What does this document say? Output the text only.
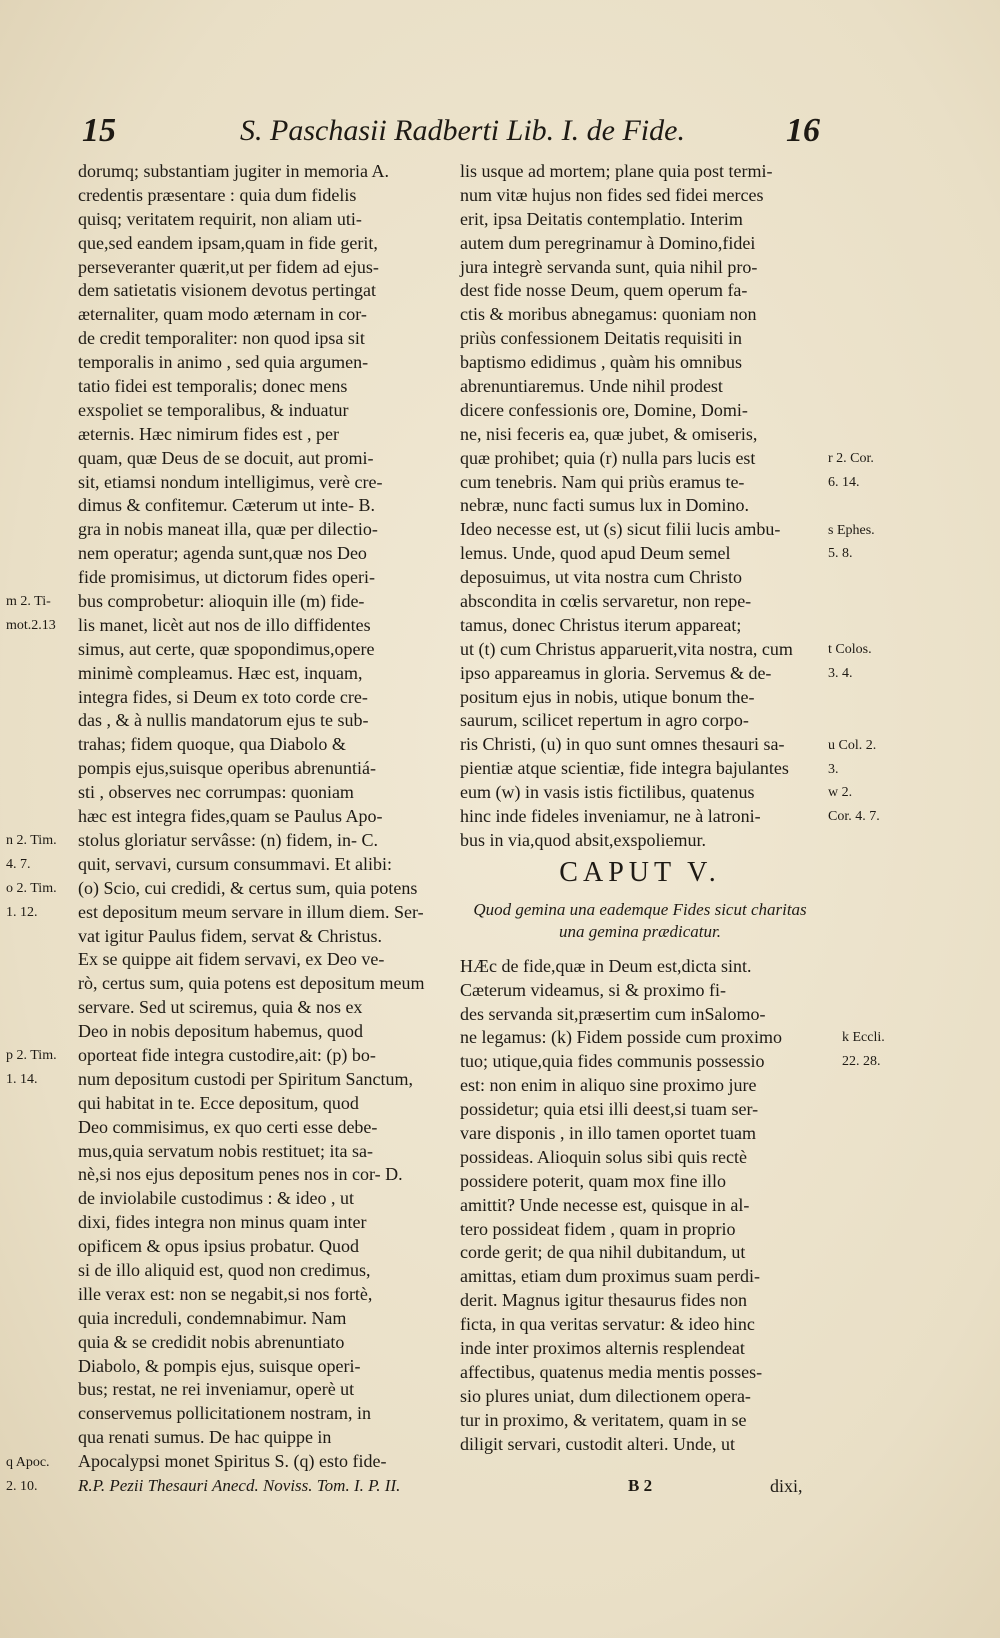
15	S. Paschasii Radberti Lib. I. de Fide.	16
dorumq; substantiam jugiter in memoria A.
credentis præsentare : quia dum fidelis
quisq; veritatem requirit, non aliam uti-
que,sed eandem ipsam,quam in fide gerit,
perseveranter quærit,ut per fidem ad ejus-
dem satietatis visionem devotus pertingat
æternaliter, quam modo æternam in cor-
de credit temporaliter: non quod ipsa sit
temporalis in animo , sed quia argumen-
tatio fidei est temporalis; donec mens
exspoliet se temporalibus, & induatur
æternis. Hæc nimirum fides est , per
quam, quæ Deus de se docuit, aut promi-
sit, etiamsi nondum intelligimus, verè cre-
dimus & confitemur. Cæterum ut inte- B.
gra in nobis maneat illa, quæ per dilectio-
nem operatur; agenda sunt,quæ nos Deo
fide promisimus, ut dictorum fides operi-
bus comprobetur: alioquin ille (m) fide-
lis manet, licèt aut nos de illo diffidentes
simus, aut certe, quæ spopondimus,opere
minimè compleamus. Hæc est, inquam,
integra fides, si Deum ex toto corde cre-
das , & à nullis mandatorum ejus te sub-
trahas; fidem quoque, qua Diabolo &
pompis ejus,suisque operibus abrenuntiá-
sti , observes nec corrumpas: quoniam
hæc est integra fides,quam se Paulus Apo-
stolus gloriatur servâsse: (n) fidem, in- C.
quit, servavi, cursum consummavi. Et alibi:
(o) Scio, cui credidi, & certus sum, quia potens
est depositum meum servare in illum diem. Ser-
vat igitur Paulus fidem, servat & Christus.
Ex se quippe ait fidem servavi, ex Deo ve-
rò, certus sum, quia potens est depositum meum
servare. Sed ut sciremus, quia & nos ex
Deo in nobis depositum habemus, quod
oporteat fide integra custodire,ait: (p) bo-
num depositum custodi per Spiritum Sanctum,
qui habitat in te. Ecce depositum, quod
Deo commisimus, ex quo certi esse debe-
mus,quia servatum nobis restituet; ita sa-
nè,si nos ejus depositum penes nos in cor- D.
de inviolabile custodimus : & ideo , ut
dixi, fides integra non minus quam inter
opificem & opus ipsius probatur. Quod
si de illo aliquid est, quod non credimus,
ille verax est: non se negabit,si nos fortè,
quia increduli, condemnabimur. Nam
quia & se credidit nobis abrenuntiato
Diabolo, & pompis ejus, suisque operi-
bus; restat, ne rei inveniamur, operè ut
conservemus pollicitationem nostram, in
qua renati sumus. De hac quippe in
Apocalypsi monet Spiritus S. (q) esto fide-
lis usque ad mortem; plane quia post termi-
num vitæ hujus non fides sed fidei merces
erit, ipsa Deitatis contemplatio. Interim
autem dum peregrinamur à Domino,fidei
jura integrè servanda sunt, quia nihil pro-
dest fide nosse Deum, quem operum fa-
ctis & moribus abnegamus: quoniam non
priùs confessionem Deitatis requisiti in
baptismo edidimus , quàm his omnibus
abrenuntiaremus. Unde nihil prodest
dicere confessionis ore, Domine, Domi-
ne, nisi feceris ea, quæ jubet, & omiseris,
quæ prohibet; quia (r) nulla pars lucis est
cum tenebris. Nam qui priùs eramus te-
nebræ, nunc facti sumus lux in Domino.
Ideo necesse est, ut (s) sicut filii lucis ambu-
lemus. Unde, quod apud Deum semel
deposuimus, ut vita nostra cum Christo
abscondita in cœlis servaretur, non repe-
tamus, donec Christus iterum appareat;
ut (t) cum Christus apparuerit,vita nostra, cum
ipso appareamus in gloria. Servemus & de-
positum ejus in nobis, utique bonum the-
saurum, scilicet repertum in agro corpo-
ris Christi, (u) in quo sunt omnes thesauri sa-
pientiæ atque scientiæ, fide integra bajulantes
eum (w) in vasis istis fictilibus, quatenus
hinc inde fideles inveniamur, ne à latroni-
bus in via,quod absit,exspoliemur.
CAPUT V.
Quod gemina una eademque Fides sicut charitas
una gemina prædicatur.
HÆc de fide,quæ in Deum est,dicta sint.
Cæterum videamus, si & proximo fi-
des servanda sit,præsertim cum inSalomo-
ne legamus: (k) Fidem posside cum proximo
tuo; utique,quia fides communis possessio
est: non enim in aliquo sine proximo jure
possidetur; quia etsi illi deest,si tuam ser-
vare disponis , in illo tamen oportet tuam
possideas. Alioquin solus sibi quis rectè
possidere poterit, quam mox fine illo
amittit? Unde necesse est, quisque in al-
tero possideat fidem , quam in proprio
corde gerit; de qua nihil dubitandum, ut
amittas, etiam dum proximus suam perdi-
derit. Magnus igitur thesaurus fides non
ficta, in qua veritas servatur: & ideo hinc
inde inter proximos alternis resplendeat
affectibus, quatenus media mentis posses-
sio plures uniat, dum dilectionem opera-
tur in proximo, & veritatem, quam in se
diligit servari, custodit alteri. Unde, ut
m 2. Ti-
mot.2.13
n 2. Tim.
4. 7.
o 2. Tim.
1. 12.
p 2. Tim.
1. 14.
q Apoc.
2. 10.
r 2. Cor.
6. 14.
s Ephes.
5. 8.
t Colos.
3. 4.
u Col. 2.
3.
w 2.
Cor. 4. 7.
k Eccli.
22. 28.
R.P. Pezii Thesauri Anecd. Noviss. Tom. I. P. II.	B 2	dixi,
